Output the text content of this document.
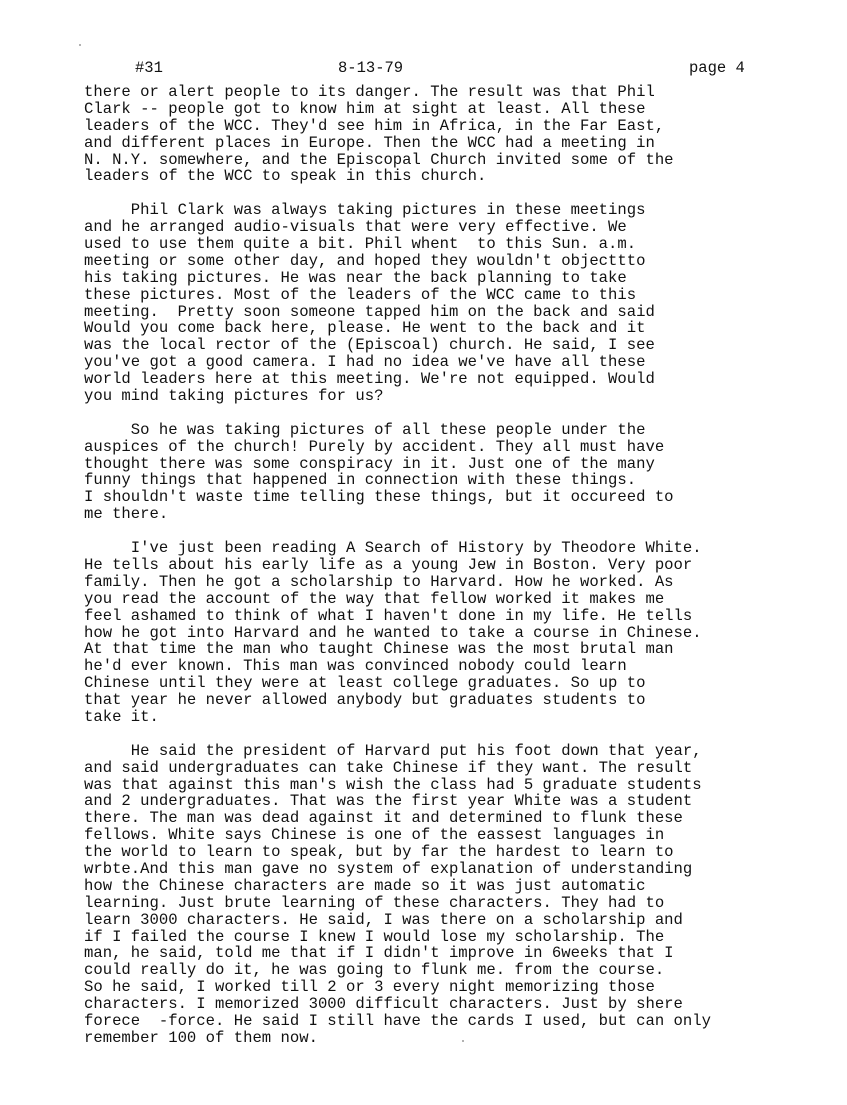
#31	8-13-79	page 4
there or alert people to its danger. The result was that Phil
Clark -- people got to know him at sight at least. All these
leaders of the WCC. They'd see him in Africa, in the Far East,
and different places in Europe. Then the WCC had a meeting in
N. N.Y. somewhere, and the Episcopal Church invited some of the
leaders of the WCC to speak in this church.
Phil Clark was always taking pictures in these meetings
and he arranged audio-visuals that were very effective. We
used to use them quite a bit. Phil whent  to this Sun. a.m.
meeting or some other day, and hoped they wouldn't objecttto
his taking pictures. He was near the back planning to take
these pictures. Most of the leaders of the WCC came to this
meeting.  Pretty soon someone tapped him on the back and said
Would you come back here, please. He went to the back and it
was the local rector of the (Episcoal) church. He said, I see
you've got a good camera. I had no idea we've have all these
world leaders here at this meeting. We're not equipped. Would
you mind taking pictures for us?
So he was taking pictures of all these people under the
auspices of the church! Purely by accident. They all must have
thought there was some conspiracy in it. Just one of the many
funny things that happened in connection with these things.
I shouldn't waste time telling these things, but it occureed to
me there.
I've just been reading A Search of History by Theodore White.
He tells about his early life as a young Jew in Boston. Very poor
family. Then he got a scholarship to Harvard. How he worked. As
you read the account of the way that fellow worked it makes me
feel ashamed to think of what I haven't done in my life. He tells
how he got into Harvard and he wanted to take a course in Chinese.
At that time the man who taught Chinese was the most brutal man
he'd ever known. This man was convinced nobody could learn
Chinese until they were at least college graduates. So up to
that year he never allowed anybody but graduates students to
take it.
He said the president of Harvard put his foot down that year,
and said undergraduates can take Chinese if they want. The result
was that against this man's wish the class had 5 graduate students
and 2 undergraduates. That was the first year White was a student
there. The man was dead against it and determined to flunk these
fellows. White says Chinese is one of the eassest languages in
the world to learn to speak, but by far the hardest to learn to
wrbte.And this man gave no system of explanation of understanding
how the Chinese characters are made so it was just automatic
learning. Just brute learning of these characters. They had to
learn 3000 characters. He said, I was there on a scholarship and
if I failed the course I knew I would lose my scholarship. The
man, he said, told me that if I didn't improve in 6weeks that I
could really do it, he was going to flunk me. from the course.
So he said, I worked till 2 or 3 every night memorizing those
characters. I memorized 3000 difficult characters. Just by shere
forece  -force. He said I still have the cards I used, but can only
remember 100 of them now.
